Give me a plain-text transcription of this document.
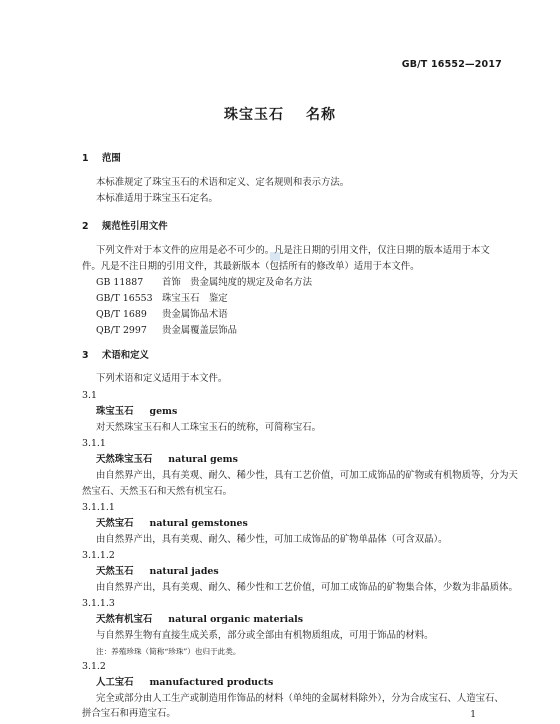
GB/T 16552—2017
珠宝玉石 名称
1 范围
本标准规定了珠宝玉石的术语和定义、定名规则和表示方法。
本标准适用于珠宝玉石定名。
2 规范性引用文件
下列文件对于本文件的应用是必不可少的。凡是注日期的引用文件，仅注日期的版本适用于本文
件。凡是不注日期的引用文件，其最新版本（包括所有的修改单）适用于本文件。
GB 11887 首饰　贵金属纯度的规定及命名方法
GB/T 16553 珠宝玉石　鉴定
QB/T 1689 贵金属饰品术语
QB/T 2997 贵金属覆盖层饰品
3 术语和定义
下列术语和定义适用于本文件。
3.1
珠宝玉石 gems
对天然珠宝玉石和人工珠宝玉石的统称，可简称宝石。
3.1.1
天然珠宝玉石 natural gems
由自然界产出，具有美观、耐久、稀少性，具有工艺价值，可加工成饰品的矿物或有机物质等，分为天
然宝石、天然玉石和天然有机宝石。
3.1.1.1
天然宝石 natural gemstones
由自然界产出，具有美观、耐久、稀少性，可加工成饰品的矿物单晶体（可含双晶）。
3.1.1.2
天然玉石 natural jades
由自然界产出，具有美观、耐久、稀少性和工艺价值，可加工成饰品的矿物集合体，少数为非晶质体。
3.1.1.3
天然有机宝石 natural organic materials
与自然界生物有直接生成关系，部分或全部由有机物质组成，可用于饰品的材料。
注：养殖珍珠（简称“珍珠”）也归于此类。
3.1.2
人工宝石 manufactured products
完全或部分由人工生产或制造用作饰品的材料（单纯的金属材料除外），分为合成宝石、人造宝石、
拼合宝石和再造宝石。	1
